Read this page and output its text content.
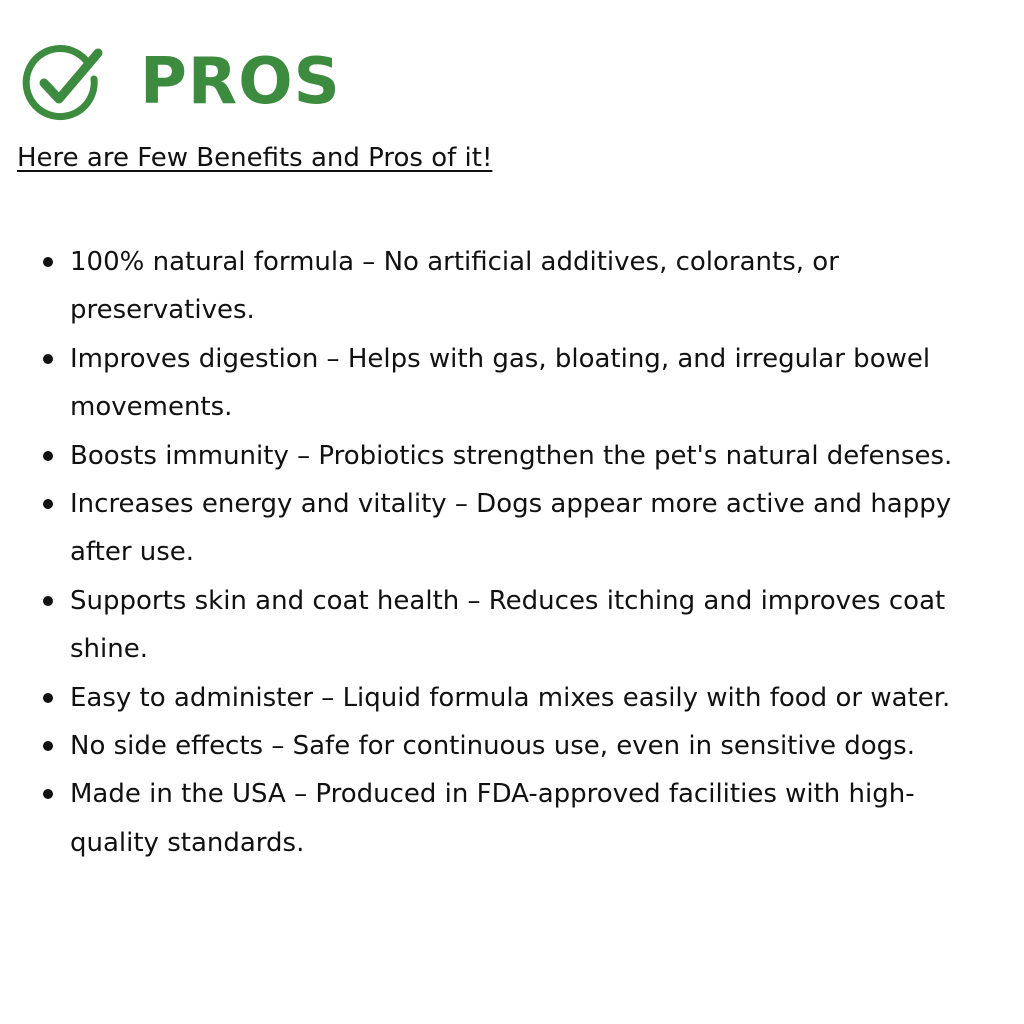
PROS
Here are Few Benefits and Pros of it!
100% natural formula – No artificial additives, colorants, or preservatives.
Improves digestion – Helps with gas, bloating, and irregular bowel movements.
Boosts immunity – Probiotics strengthen the pet's natural defenses.
Increases energy and vitality – Dogs appear more active and happy after use.
Supports skin and coat health – Reduces itching and improves coat shine.
Easy to administer – Liquid formula mixes easily with food or water.
No side effects – Safe for continuous use, even in sensitive dogs.
Made in the USA – Produced in FDA-approved facilities with high-quality standards.
